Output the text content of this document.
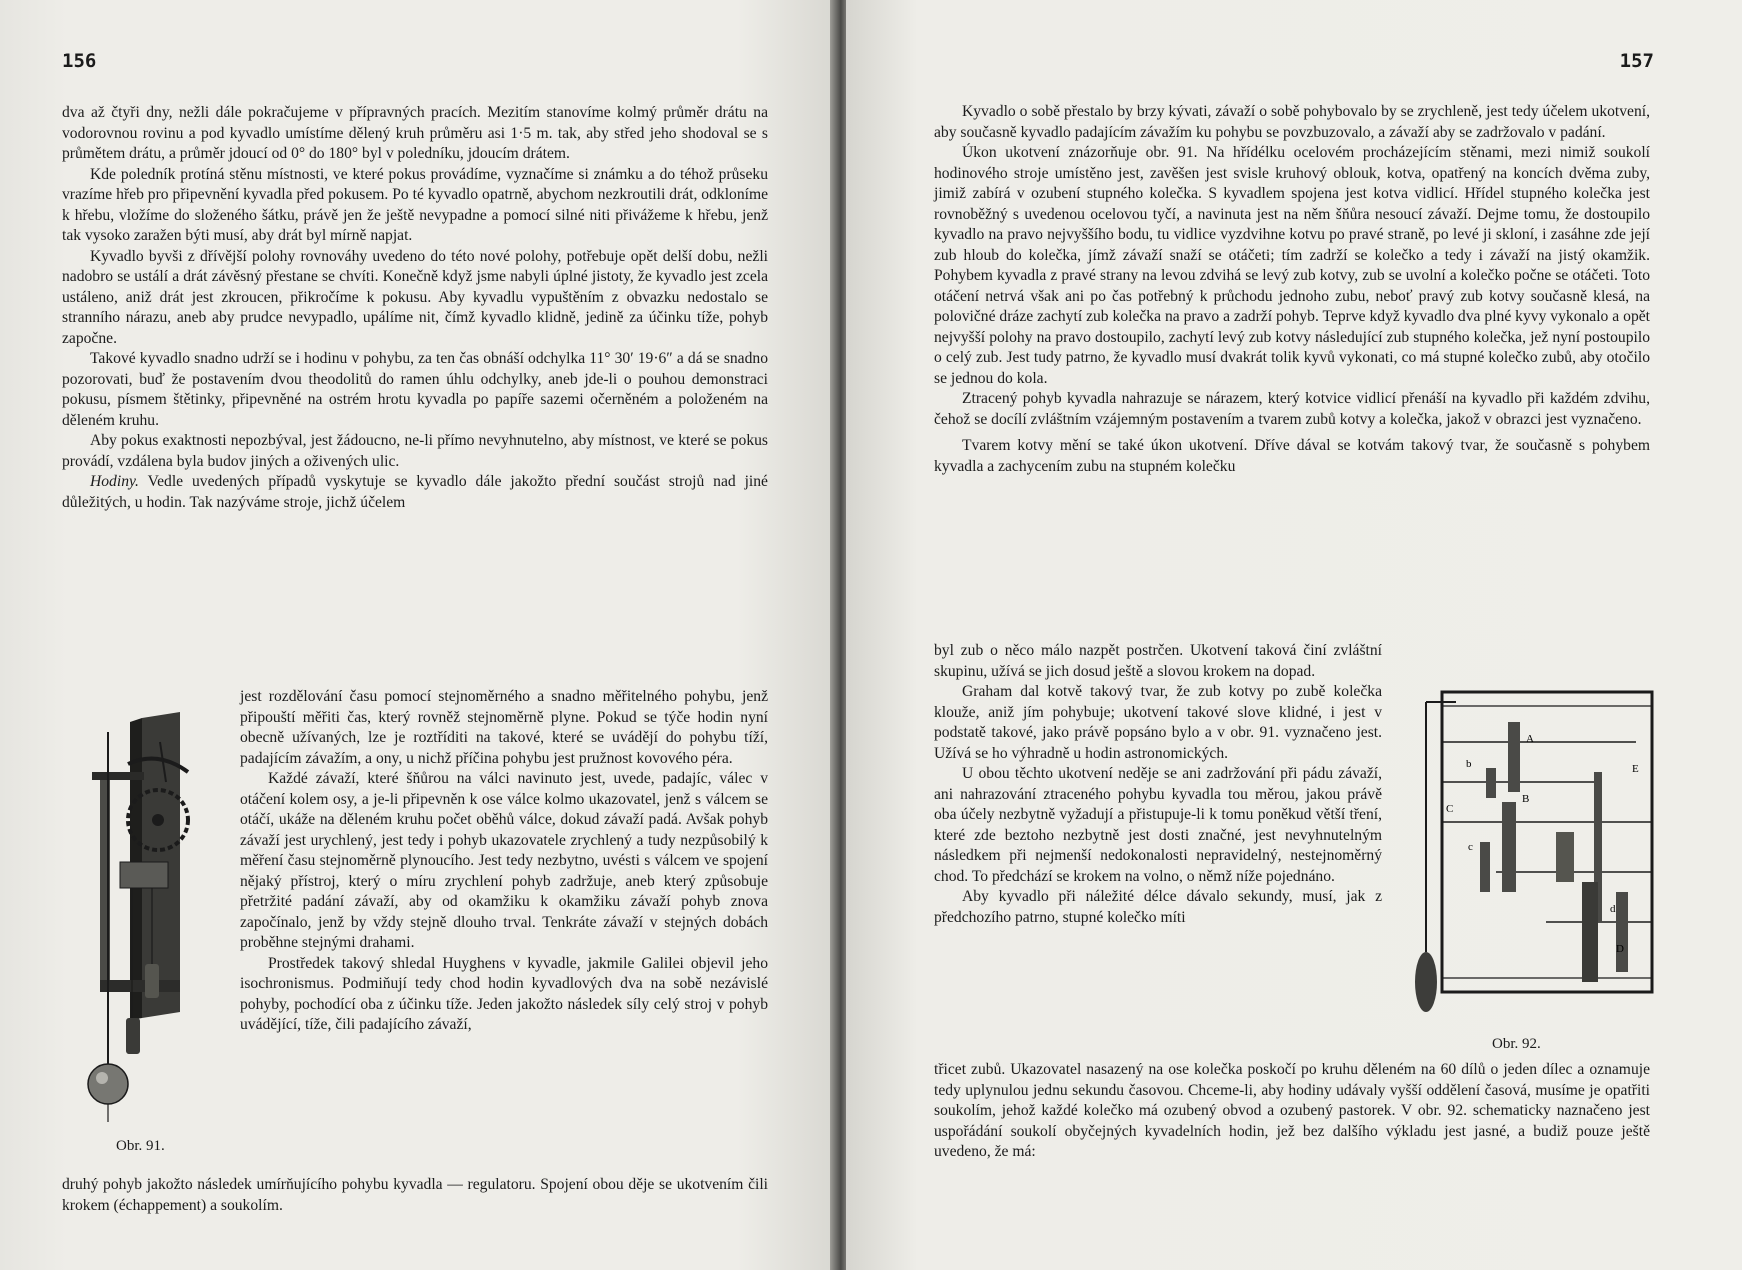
156

dva až čtyři dny, nežli dále pokračujeme v přípravných pracích. Mezitím stanovíme kolmý průměr drátu na vodorovnou rovinu a pod kyvadlo umístíme dělený kruh průměru asi 1·5 m. tak, aby střed jeho shodoval se s průmětem drátu, a průměr jdoucí od 0° do 180° byl v poledníku, jdoucím drátem.

Kde poledník protíná stěnu místnosti, ve které pokus provádíme, vyznačíme si známku a do téhož průseku vrazíme hřeb pro připevnění kyvadla před pokusem. Po té kyvadlo opatrně, abychom nezkroutili drát, odkloníme k hřebu, vložíme do složeného šátku, právě jen že ještě nevypadne a pomocí silné niti přivážeme k hřebu, jenž tak vysoko zaražen býti musí, aby drát byl mírně napjat.

Kyvadlo byvši z dřívější polohy rovnováhy uvedeno do této nové polohy, potřebuje opět delší dobu, nežli nadobro se ustálí a drát závěsný přestane se chvíti. Konečně když jsme nabyli úplné jistoty, že kyvadlo jest zcela ustáleno, aniž drát jest zkroucen, přikročíme k pokusu. Aby kyvadlu vypuštěním z obvazku nedostalo se stranního nárazu, aneb aby prudce nevypadlo, upálíme nit, čímž kyvadlo klidně, jedině za účinku tíže, pohyb započne.

Takové kyvadlo snadno udrží se i hodinu v pohybu, za ten čas obnáší odchylka 11° 30′ 19·6″ a dá se snadno pozorovati, buď že postavením dvou theodolitů do ramen úhlu odchylky, aneb jde-li o pouhou demonstraci pokusu, písmem štětinky, připevněné na ostrém hrotu kyvadla po papíře sazemi očerněném a položeném na děleném kruhu.

Aby pokus exaktnosti nepozbýval, jest žádoucno, ne-li přímo nevyhnutelno, aby místnost, ve které se pokus provádí, vzdálena byla budov jiných a oživených ulic.

Hodiny. Vedle uvedených případů vyskytuje se kyvadlo dále jakožto přední součást strojů nad jiné důležitých, u hodin. Tak nazýváme stroje, jichž účelem

jest rozdělování času pomocí stejnoměrného a snadno měřitelného pohybu, jenž připouští měřiti čas, který rovněž stejnoměrně plyne. Pokud se týče hodin nyní obecně užívaných, lze je roztříditi na takové, které se uvádějí do pohybu tíží, padajícím závažím, a ony, u nichž příčina pohybu jest pružnost kovového péra.

Každé závaží, které šňůrou na válci navinuto jest, uvede, padajíc, válec v otáčení kolem osy, a je-li připevněn k ose válce kolmo ukazovatel, jenž s válcem se otáčí, ukáže na děleném kruhu počet oběhů válce, dokud závaží padá. Avšak pohyb závaží jest urychlený, jest tedy i pohyb ukazovatele zrychlený a tudy nezpůsobilý k měření času stejnoměrně plynoucího. Jest tedy nezbytno, uvésti s válcem ve spojení nějaký přístroj, který o míru zrychlení pohyb zadržuje, aneb který způsobuje přetržité padání závaží, aby od okamžiku k okamžiku závaží pohyb znova započínalo, jenž by vždy stejně dlouho trval. Tenkráte závaží v stejných dobách proběhne stejnými drahami.

Prostředek takový shledal Huyghens v kyvadle, jakmile Galilei objevil jeho isochronismus. Podmiňují tedy chod hodin kyvadlových dva na sobě nezávislé pohyby, pochodící oba z účinku tíže. Jeden jakožto následek síly celý stroj v pohyb uvádějící, tíže, čili padajícího závaží,

druhý pohyb jakožto následek umírňujícího pohybu kyvadla — regulatoru. Spojení obou děje se ukotvením čili krokem (échappement) a soukolím.

Obr. 91.
157

Kyvadlo o sobě přestalo by brzy kývati, závaží o sobě pohybovalo by se zrychleně, jest tedy účelem ukotvení, aby současně kyvadlo padajícím závažím ku pohybu se povzbuzovalo, a závaží aby se zadržovalo v padání.

Úkon ukotvení znázorňuje obr. 91. Na hřídélku ocelovém procházejícím stěnami, mezi nimiž soukolí hodinového stroje umístěno jest, zavěšen jest svisle kruhový oblouk, kotva, opatřený na koncích dvěma zuby, jimiž zabírá v ozubení stupného kolečka. S kyvadlem spojena jest kotva vidlicí. Hřídel stupného kolečka jest rovnoběžný s uvedenou ocelovou tyčí, a navinuta jest na něm šňůra nesoucí závaží. Dejme tomu, že dostoupilo kyvadlo na pravo nejvyššího bodu, tu vidlice vyzdvihne kotvu po pravé straně, po levé ji skloní, i zasáhne zde její zub hloub do kolečka, jímž závaží snaží se otáčeti; tím zadrží se kolečko a tedy i závaží na jistý okamžik. Pohybem kyvadla z pravé strany na levou zdvihá se levý zub kotvy, zub se uvolní a kolečko počne se otáčeti. Toto otáčení netrvá však ani po čas potřebný k průchodu jednoho zubu, neboť pravý zub kotvy současně klesá, na polovičné dráze zachytí zub kolečka na pravo a zadrží pohyb. Teprve když kyvadlo dva plné kyvy vykonalo a opět nejvyšší polohy na pravo dostoupilo, zachytí levý zub kotvy následující zub stupného kolečka, jež nyní postoupilo o celý zub. Jest tudy patrno, že kyvadlo musí dvakrát tolik kyvů vykonati, co má stupné kolečko zubů, aby otočilo se jednou do kola.

Ztracený pohyb kyvadla nahrazuje se nárazem, který kotvice vidlicí přenáší na kyvadlo při každém zdvihu, čehož se docílí zvláštním vzájemným postavením a tvarem zubů kotvy a kolečka, jakož v obrazci jest vyznačeno.

Tvarem kotvy mění se také úkon ukotvení. Dříve dával se kotvám takový tvar, že současně s pohybem kyvadla a zachycením zubu na stupném kolečku

byl zub o něco málo nazpět postrčen. Ukotvení taková činí zvláštní skupinu, užívá se jich dosud ještě a slovou krokem na dopad.

Graham dal kotvě takový tvar, že zub kotvy po zubě kolečka klouže, aniž jím pohybuje; ukotvení takové slove klidné, i jest v podstatě takové, jako právě popsáno bylo a v obr. 91. vyznačeno jest. Užívá se ho výhradně u hodin astronomických.

U obou těchto ukotvení neděje se ani zadržování při pádu závaží, ani nahrazování ztraceného pohybu kyvadla tou měrou, jakou právě oba účely nezbytně vyžadují a přistupuje-li k tomu poněkud větší tření, které zde beztoho nezbytně jest dosti značné, jest nevyhnutelným následkem při nejmenší nedokonalosti nepravidelný, nestejnoměrný chod. To předchází se krokem na volno, o němž níže pojednáno.

Aby kyvadlo při náležité délce dávalo sekundy, musí, jak z předchozího patrno, stupné kolečko míti

třicet zubů. Ukazovatel nasazený na ose kolečka poskočí po kruhu děleném na 60 dílů o jeden dílec a oznamuje tedy uplynulou jednu sekundu časovou. Chceme-li, aby hodiny udávaly vyšší oddělení časová, musíme je opatřiti soukolím, jehož každé kolečko má ozubený obvod a ozubený pastorek. V obr. 92. schematicky naznačeno jest uspořádání soukolí obyčejných kyvadelních hodin, jež bez dalšího výkladu jest jasné, a budiž pouze ještě uvedeno, že má:

A
b
B
C
c
E
d
D
Obr. 92.
